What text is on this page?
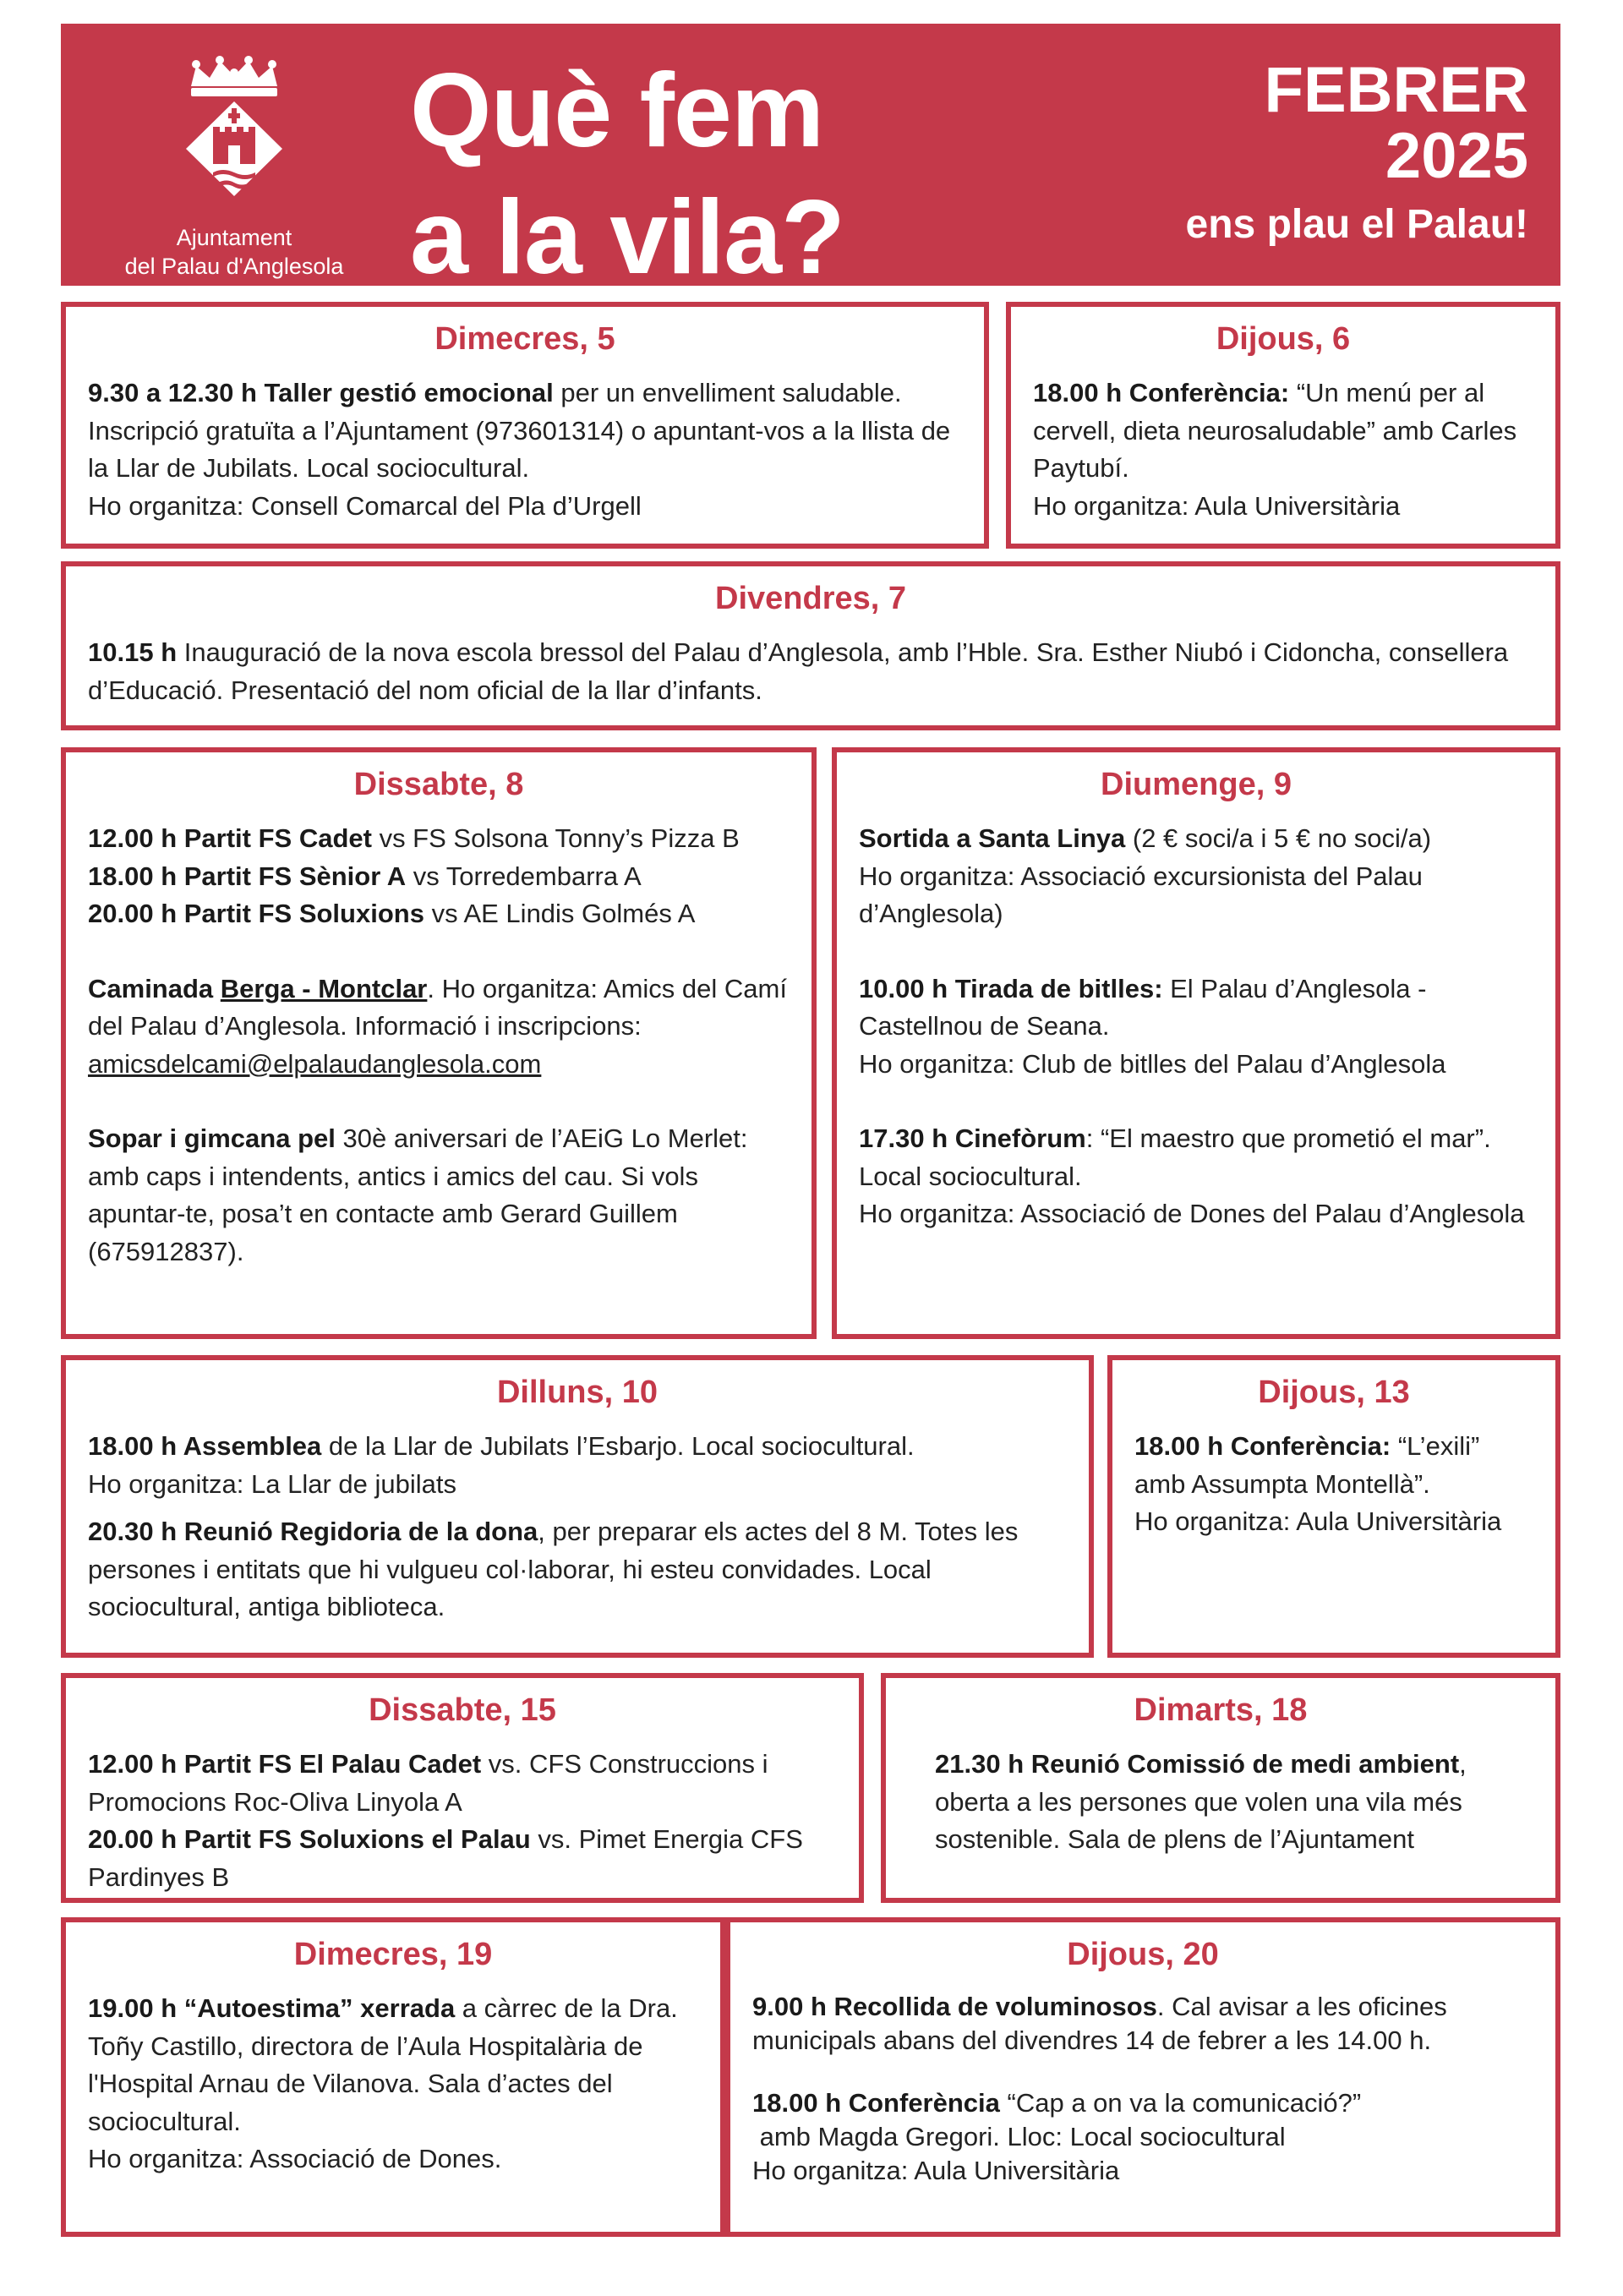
Ajuntament
del Palau d'Anglesola
Què fem
a la vila?
FEBRER
2025
ens plau el Palau!
Dimecres, 5
9.30 a 12.30 h Taller gestió emocional per un envelliment saludable. Inscripció gratuïta a l’Ajuntament (973601314) o apuntant-vos a la llista de la Llar de Jubilats. Local sociocultural.
Ho organitza: Consell Comarcal del Pla d’Urgell
Dijous, 6
18.00 h Conferència: “Un menú per al cervell, dieta neurosaludable” amb Carles Paytubí.
Ho organitza: Aula Universitària
Divendres, 7
10.15 h Inauguració de la nova escola bressol del Palau d’Anglesola, amb l’Hble. Sra. Esther Niubó i Cidoncha, consellera d’Educació. Presentació del nom oficial de la llar d’infants.
Dissabte, 8
12.00 h Partit FS Cadet vs FS Solsona Tonny’s Pizza B
18.00 h Partit FS Sènior A vs Torredembarra A
20.00 h Partit FS Soluxions vs AE Lindis Golmés A
Caminada Berga - Montclar. Ho organitza: Amics del Camí del Palau d’Anglesola. Informació i inscripcions:
amicsdelcami@elpalaudanglesola.com
Sopar i gimcana pel 30è aniversari de l’AEiG Lo Merlet: amb caps i intendents, antics i amics del cau. Si vols apuntar-te, posa’t en contacte amb Gerard Guillem (675912837).
Diumenge, 9
Sortida a Santa Linya (2 € soci/a i 5 € no soci/a)
Ho organitza: Associació excursionista del Palau d’Anglesola)
10.00 h Tirada de bitlles: El Palau d’Anglesola - Castellnou de Seana.
Ho organitza: Club de bitlles del Palau d’Anglesola
17.30 h Cinefòrum: “El maestro que prometió el mar”. Local sociocultural.
Ho organitza: Associació de Dones del Palau d’Anglesola
Dilluns, 10
18.00 h Assemblea de la Llar de Jubilats l’Esbarjo. Local sociocultural.
Ho organitza: La Llar de jubilats
20.30 h Reunió Regidoria de la dona, per preparar els actes del 8 M. Totes les persones i entitats que hi vulgueu col·laborar, hi esteu convidades. Local sociocultural, antiga biblioteca.
Dijous, 13
18.00 h Conferència: “L’exili” amb Assumpta Montellà”.
Ho organitza: Aula Universitària
Dissabte, 15
12.00 h Partit FS El Palau Cadet vs. CFS Construccions i Promocions Roc-Oliva Linyola A
20.00 h Partit FS Soluxions el Palau vs. Pimet Energia CFS Pardinyes B
Dimarts, 18
21.30 h Reunió Comissió de medi ambient, oberta a les persones que volen una vila més sostenible. Sala de plens de l’Ajuntament
Dimecres, 19
19.00 h “Autoestima” xerrada a càrrec de la Dra. Toñy Castillo, directora de l’Aula Hospitalària de l'Hospital Arnau de Vilanova. Sala d’actes del sociocultural.
Ho organitza: Associació de Dones.
Dijous, 20
9.00 h Recollida de voluminosos. Cal avisar a les oficines municipals abans del divendres 14 de febrer a les 14.00 h.
18.00 h Conferència “Cap a on va la comunicació?”
amb Magda Gregori. Lloc: Local sociocultural
Ho organitza: Aula Universitària
